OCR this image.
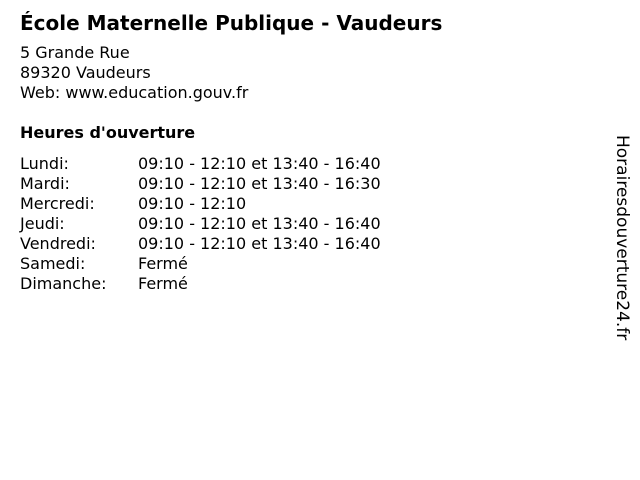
École Maternelle Publique - Vaudeurs
5 Grande Rue
89320 Vaudeurs
Web: www.education.gouv.fr
Heures d'ouverture
Lundi:	09:10 - 12:10 et 13:40 - 16:40
Mardi:	09:10 - 12:10 et 13:40 - 16:30
Mercredi:	09:10 - 12:10
Jeudi:	09:10 - 12:10 et 13:40 - 16:40
Vendredi:	09:10 - 12:10 et 13:40 - 16:40
Samedi:	Fermé
Dimanche: Fermé	Horairesdouverture24.fr
